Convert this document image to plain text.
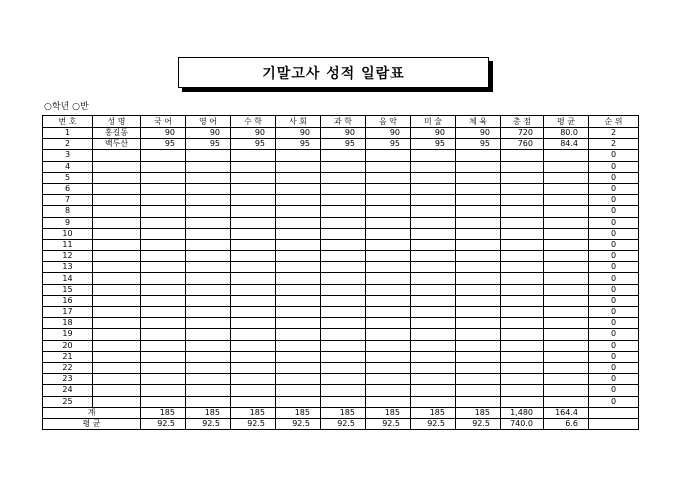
기말고사 성적 일람표
○학년 ○반
번 호	성 명	국 어	영 어	수 학	사 회	과 학	음 악	미 술	체 육	총 점	평 균	순 위
1	홍길동	90	90	90	90	90	90	90	90	720	80.0	2
2	백두산	95	95	95	95	95	95	95	95	760	84.4	2
3												0
4												0
5												0
6												0
7												0
8												0
9												0
10												0
11												0
12												0
13												0
14												0
15												0
16												0
17												0
18												0
19												0
20												0
21												0
22												0
23												0
24												0
25												0
계		185	185	185	185	185	185	185	185	1,480	164.4	
평 균		92.5	92.5	92.5	92.5	92.5	92.5	92.5	92.5	740.0	6.6	
